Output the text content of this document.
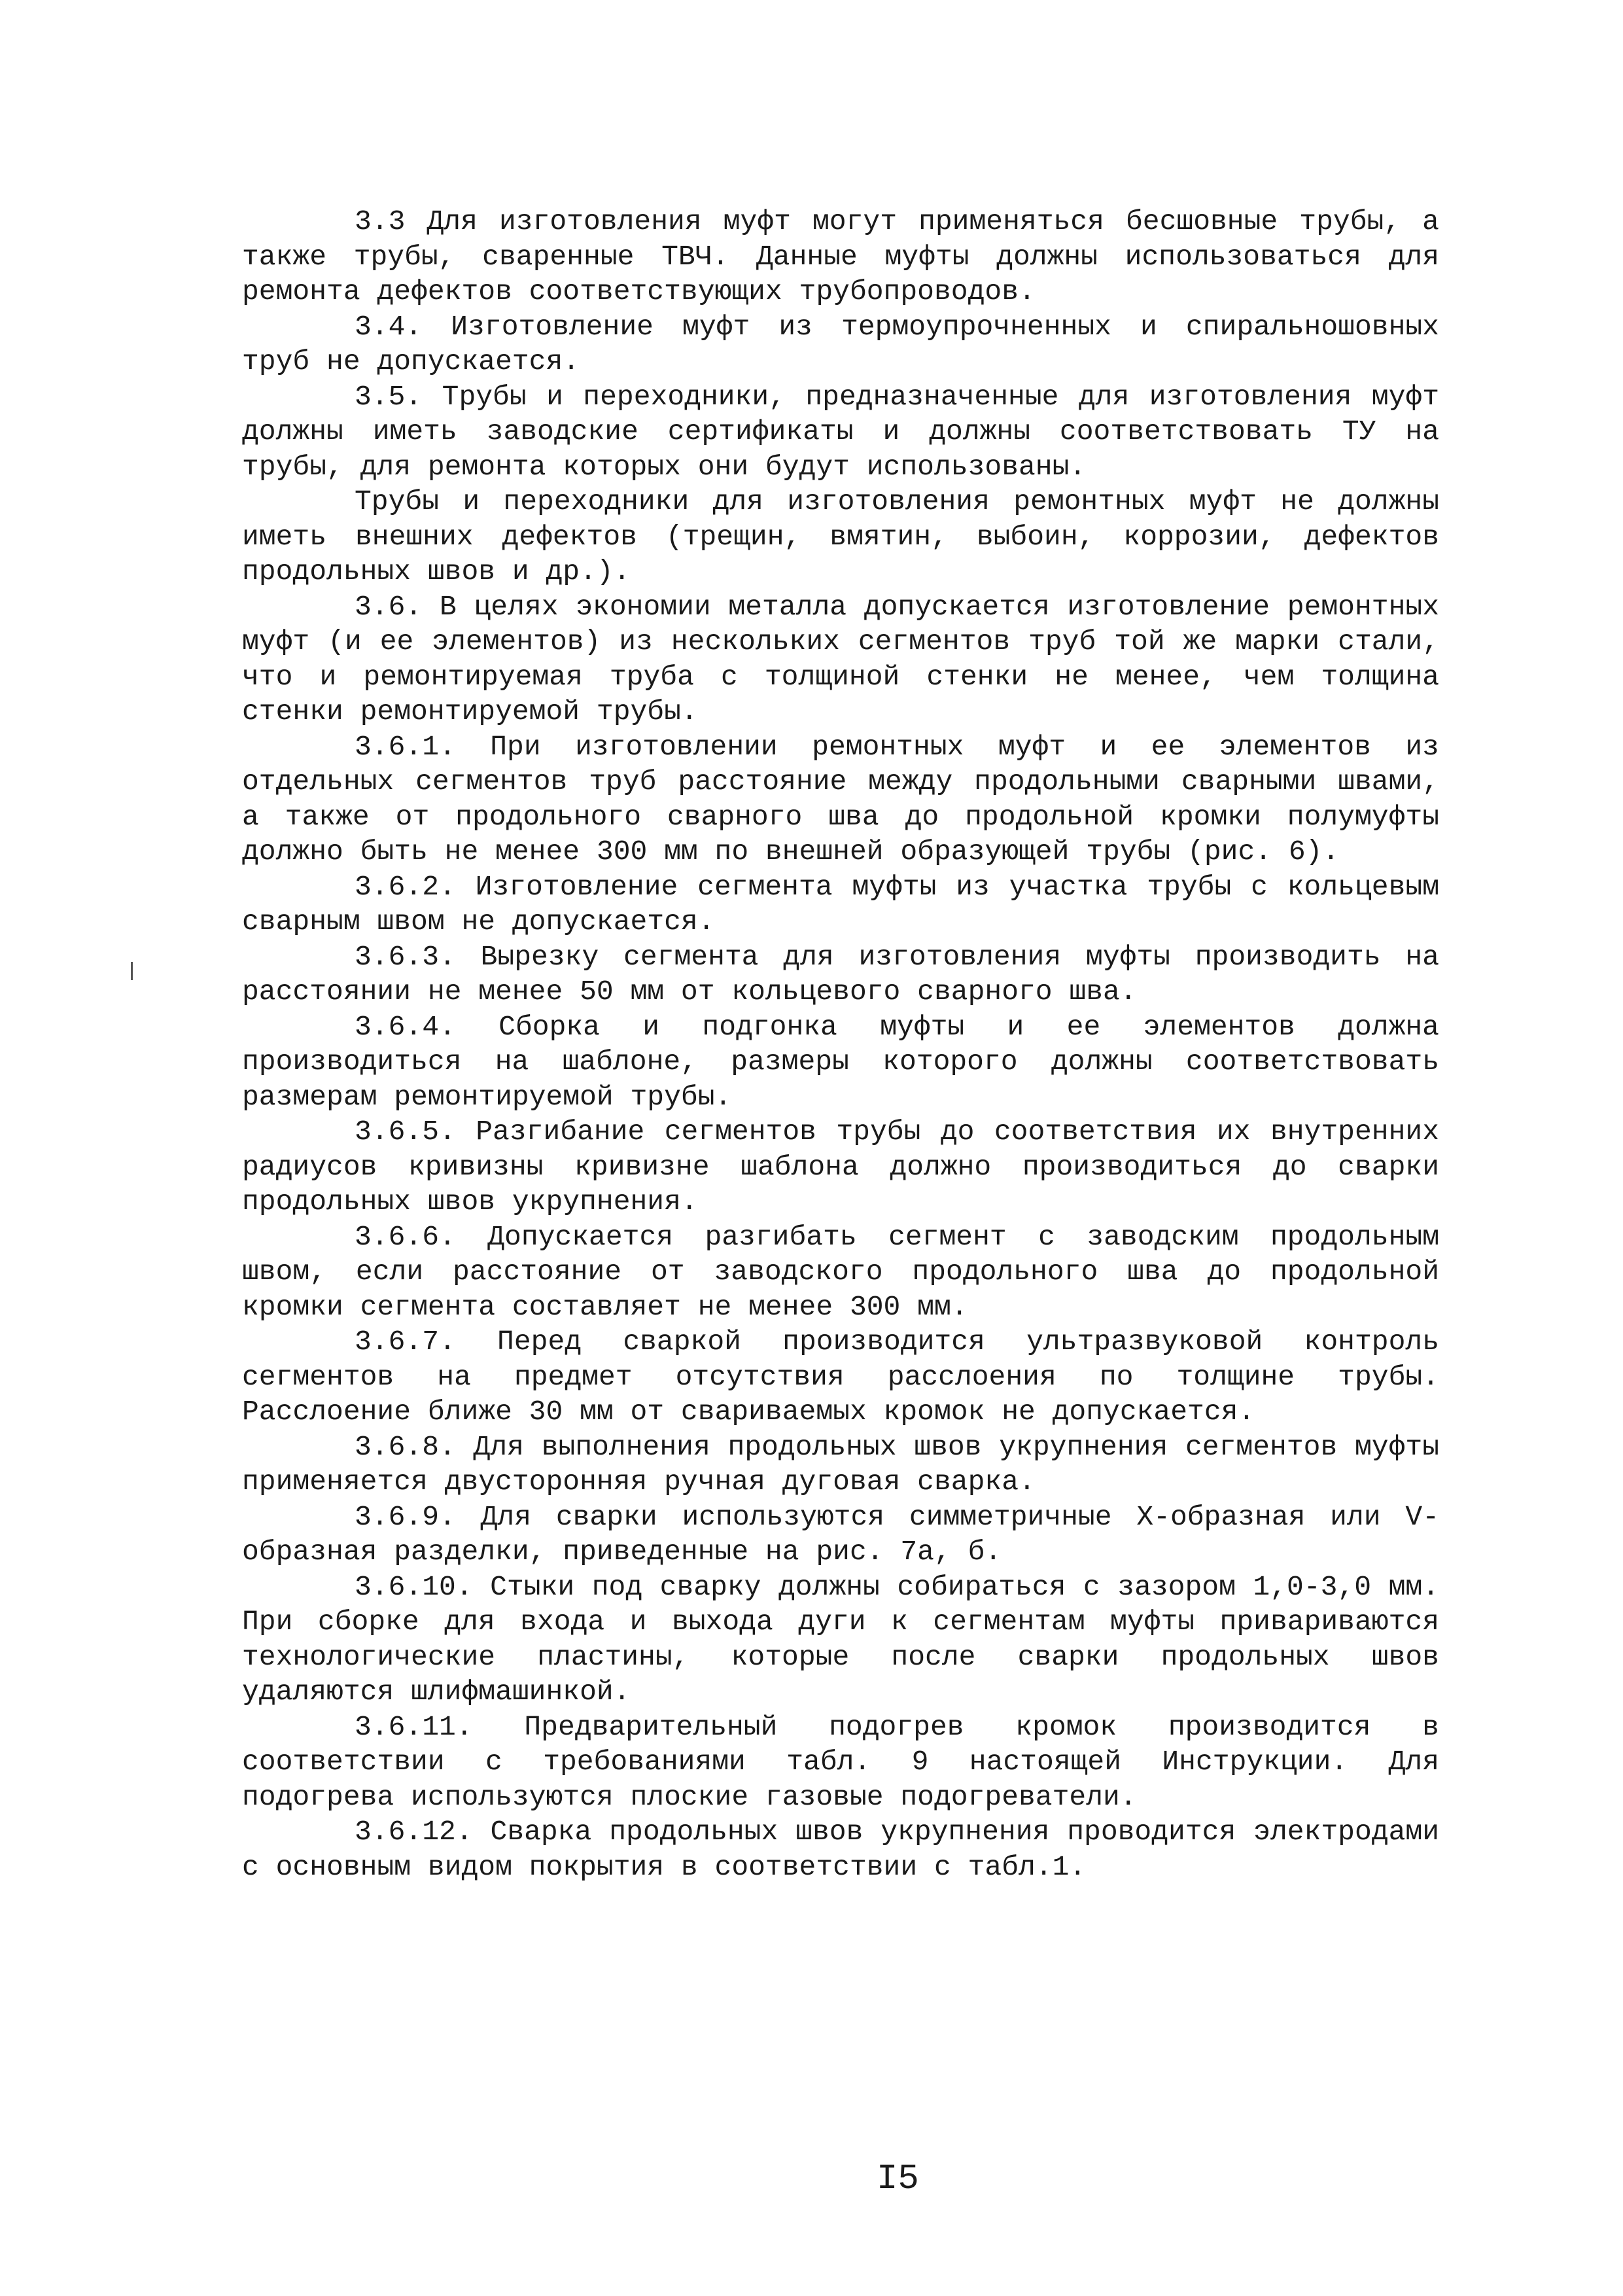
3.3 Для изготовления муфт могут применяться бесшовные трубы, а также трубы, сваренные ТВЧ. Данные муфты должны использоваться для ремонта дефектов соответствующих трубопроводов.

3.4. Изготовление муфт из термоупрочненных и спиральношовных труб не допускается.

3.5. Трубы и переходники, предназначенные для изготовления муфт должны иметь заводские сертификаты и должны соответствовать ТУ на трубы, для ремонта которых они будут использованы.

Трубы и переходники для изготовления ремонтных муфт не должны иметь внешних дефектов (трещин, вмятин, выбоин, коррозии, дефектов продольных швов и др.).

3.6. В целях экономии металла допускается изготовление ремонтных муфт (и ее элементов) из нескольких сегментов труб той же марки стали, что и ремонтируемая труба с толщиной стенки не менее, чем толщина стенки ремонтируемой трубы.

3.6.1. При изготовлении ремонтных муфт и ее элементов из отдельных сегментов труб расстояние между продольными сварными швами, а также от продольного сварного шва до продольной кромки полумуфты должно быть не менее 300 мм по внешней образующей трубы (рис. 6).

3.6.2. Изготовление сегмента муфты из участка трубы с кольцевым сварным швом не допускается.

3.6.3. Вырезку сегмента для изготовления муфты производить на расстоянии не менее 50 мм от кольцевого сварного шва.

3.6.4. Сборка и подгонка муфты и ее элементов должна производиться на шаблоне, размеры которого должны соответствовать размерам ремонтируемой трубы.

3.6.5. Разгибание сегментов трубы до соответствия их внутренних радиусов кривизны кривизне шаблона должно производиться до сварки продольных швов укрупнения.

3.6.6. Допускается разгибать сегмент с заводским продольным швом, если расстояние от заводского продольного шва до продольной кромки сегмента составляет не менее 300 мм.

3.6.7. Перед сваркой производится ультразвуковой контроль сегментов на предмет отсутствия расслоения по толщине трубы. Расслоение ближе 30 мм от свариваемых кромок не допускается.

3.6.8. Для выполнения продольных швов укрупнения сегментов муфты применяется двусторонняя ручная дуговая сварка.

3.6.9. Для сварки используются симметричные Х-образная или V-образная разделки, приведенные на рис. 7а, б.

3.6.10. Стыки под сварку должны собираться с зазором 1,0-3,0 мм. При сборке для входа и выхода дуги к сегментам муфты привариваются технологические пластины, которые после сварки продольных швов удаляются шлифмашинкой.

3.6.11. Предварительный подогрев кромок производится в соответствии с требованиями табл. 9 настоящей Инструкции. Для подогрева используются плоские газовые подогреватели.

3.6.12. Сварка продольных швов укрупнения проводится электродами с основным видом покрытия в соответствии с табл.1.

I5
